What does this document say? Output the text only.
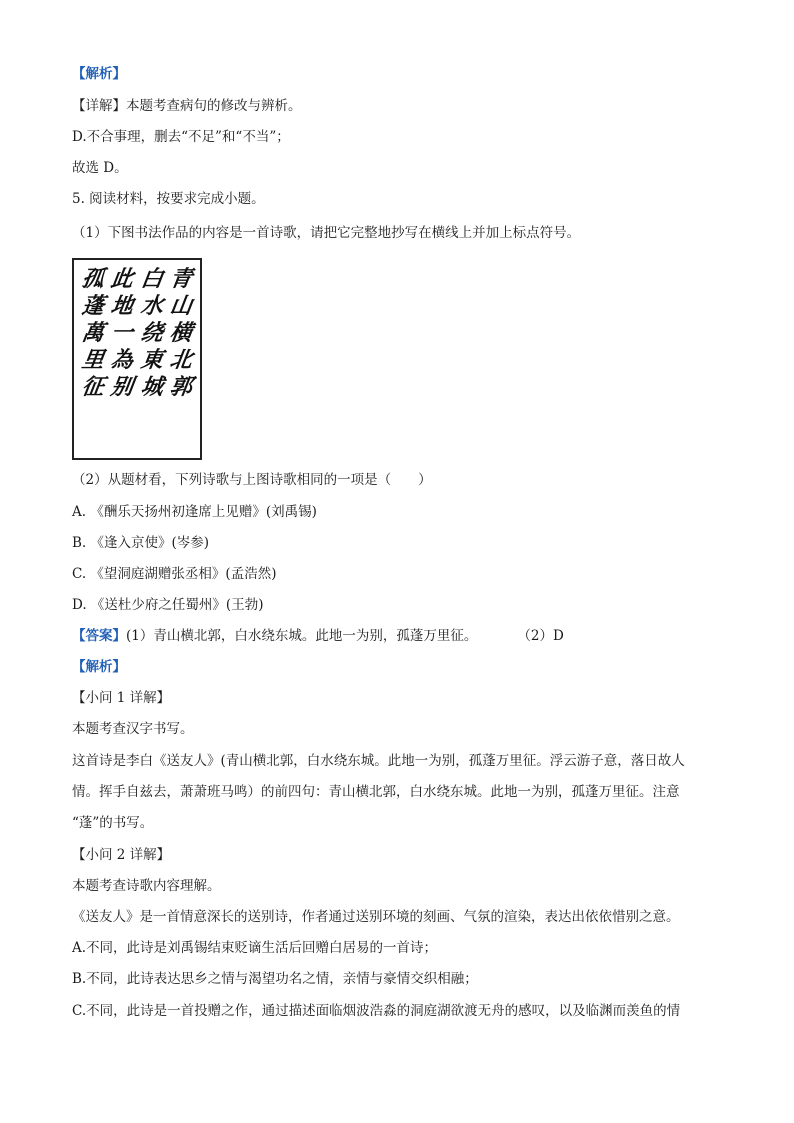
【解析】
【详解】本题考查病句的修改与辨析。
D.不合事理，删去“不足”和“不当”；
故选 D。
5. 阅读材料，按要求完成小题。
（1）下图书法作品的内容是一首诗歌，请把它完整地抄写在横线上并加上标点符号。
青
山
横
北
郭
白
水
绕
東
城
此
地
一
為
别
孤
蓬
萬
里
征
（2）从题材看，下列诗歌与上图诗歌相同的一项是（　　）
A. 《酬乐天扬州初逢席上见赠》(刘禹锡)
B. 《逢入京使》(岑参)
C. 《望洞庭湖赠张丞相》(孟浩然)
D. 《送杜少府之任蜀州》(王勃)
【答案】(1）青山横北郭，白水绕东城。此地一为别，孤蓬万里征。	（2）D
【解析】
【小问 1 详解】
本题考查汉字书写。
这首诗是李白《送友人》(青山横北郭，白水绕东城。此地一为别，孤蓬万里征。浮云游子意，落日故人
情。挥手自兹去，萧萧班马鸣）的前四句：青山横北郭，白水绕东城。此地一为别，孤蓬万里征。注意
“蓬”的书写。
【小问 2 详解】
本题考查诗歌内容理解。
《送友人》是一首情意深长的送别诗，作者通过送别环境的刻画、气氛的渲染，表达出依依惜别之意。
A.不同，此诗是刘禹锡结束贬谪生活后回赠白居易的一首诗；
B.不同，此诗表达思乡之情与渴望功名之情，亲情与豪情交织相融；
C.不同，此诗是一首投赠之作，通过描述面临烟波浩淼的洞庭湖欲渡无舟的感叹，以及临渊而羡鱼的情
